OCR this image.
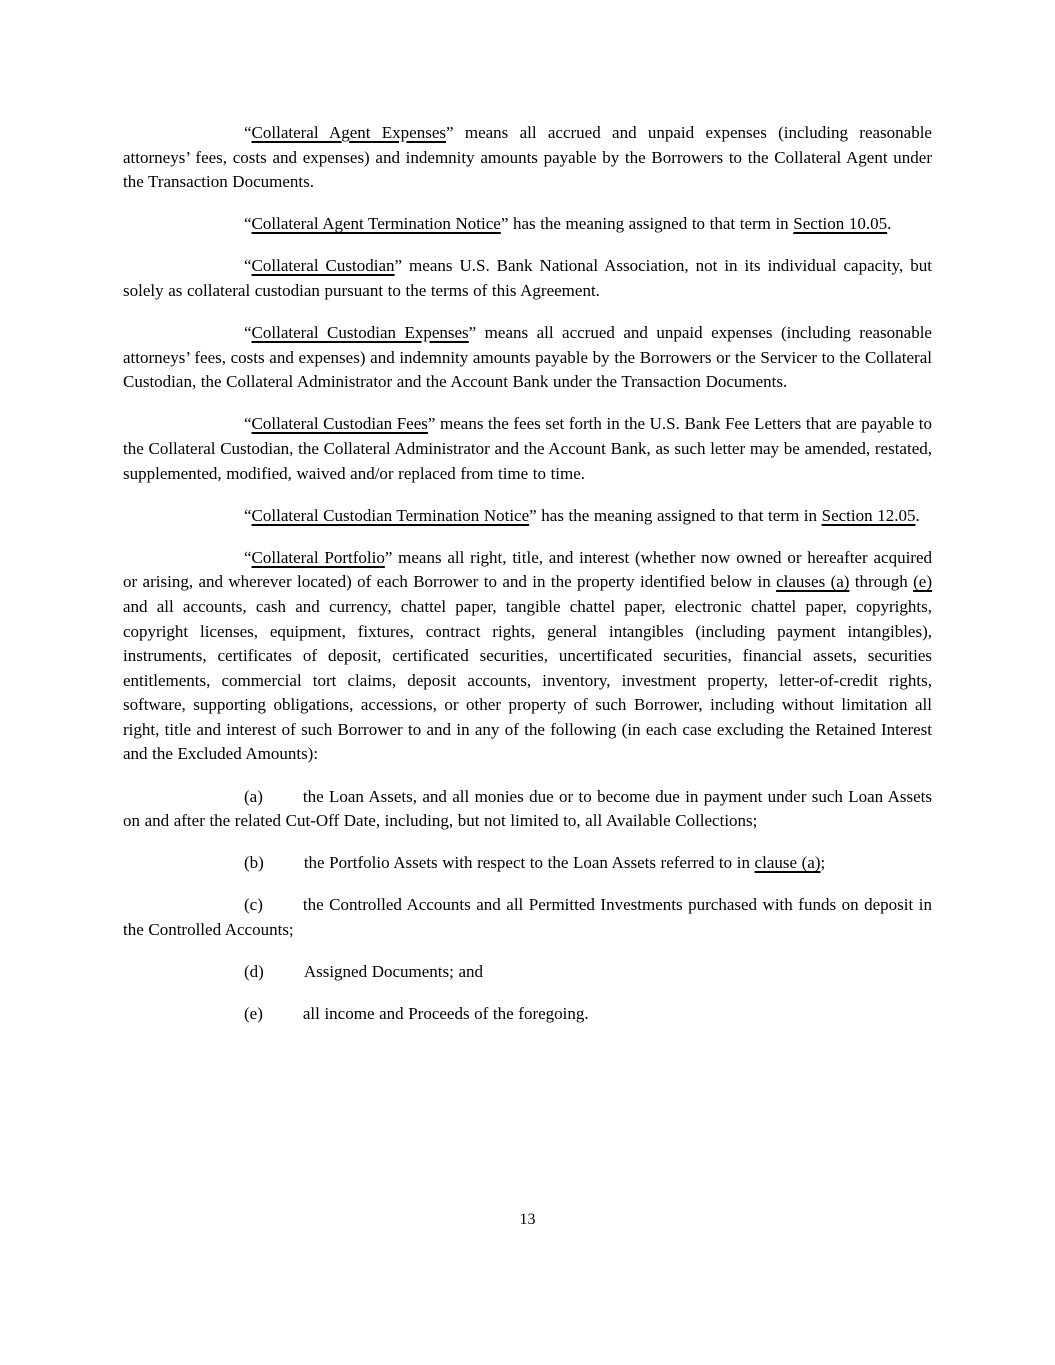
“Collateral Agent Expenses” means all accrued and unpaid expenses (including reasonable attorneys’ fees, costs and expenses) and indemnity amounts payable by the Borrowers to the Collateral Agent under the Transaction Documents.

“Collateral Agent Termination Notice” has the meaning assigned to that term in Section 10.05.

“Collateral Custodian” means U.S. Bank National Association, not in its individual capacity, but solely as collateral custodian pursuant to the terms of this Agreement.

“Collateral Custodian Expenses” means all accrued and unpaid expenses (including reasonable attorneys’ fees, costs and expenses) and indemnity amounts payable by the Borrowers or the Servicer to the Collateral Custodian, the Collateral Administrator and the Account Bank under the Transaction Documents.

“Collateral Custodian Fees” means the fees set forth in the U.S. Bank Fee Letters that are payable to the Collateral Custodian, the Collateral Administrator and the Account Bank, as such letter may be amended, restated, supplemented, modified, waived and/or replaced from time to time.

“Collateral Custodian Termination Notice” has the meaning assigned to that term in Section 12.05.

“Collateral Portfolio” means all right, title, and interest (whether now owned or hereafter acquired or arising, and wherever located) of each Borrower to and in the property identified below in clauses (a) through (e) and all accounts, cash and currency, chattel paper, tangible chattel paper, electronic chattel paper, copyrights, copyright licenses, equipment, fixtures, contract rights, general intangibles (including payment intangibles), instruments, certificates of deposit, certificated securities, uncertificated securities, financial assets, securities entitlements, commercial tort claims, deposit accounts, inventory, investment property, letter-of-credit rights, software, supporting obligations, accessions, or other property of such Borrower, including without limitation all right, title and interest of such Borrower to and in any of the following (in each case excluding the Retained Interest and the Excluded Amounts):

(a) the Loan Assets, and all monies due or to become due in payment under such Loan Assets on and after the related Cut-Off Date, including, but not limited to, all Available Collections;

(b) the Portfolio Assets with respect to the Loan Assets referred to in clause (a);

(c) the Controlled Accounts and all Permitted Investments purchased with funds on deposit in the Controlled Accounts;

(d) Assigned Documents; and

(e) all income and Proceeds of the foregoing.

13
